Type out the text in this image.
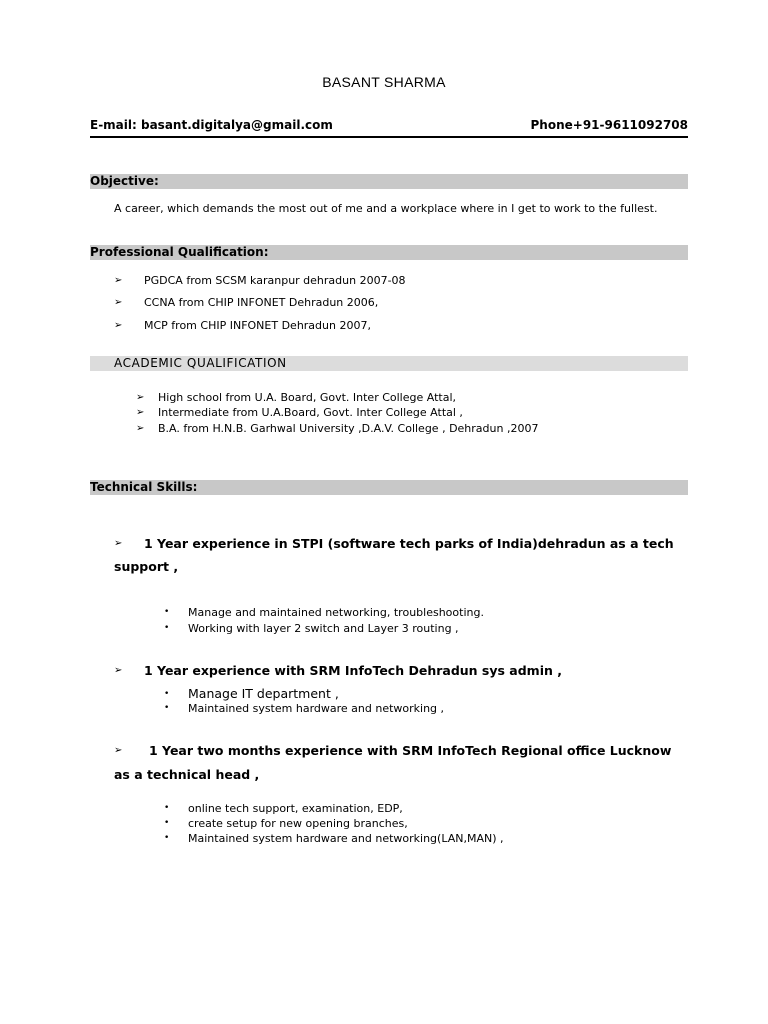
BASANT SHARMA
E-mail: basant.digitalya@gmail.com	Phone+91-9611092708
Objective:
A career, which demands the most out of me and a workplace where in I get to work to the fullest.
Professional Qualification:
➢ PGDCA from SCSM karanpur dehradun 2007-08
➢ CCNA from CHIP INFONET Dehradun 2006,
➢ MCP from CHIP INFONET Dehradun 2007,
ACADEMIC QUALIFICATION
➢ High school from U.A. Board, Govt. Inter College Attal,
➢ Intermediate from U.A.Board, Govt. Inter College Attal ,
➢ B.A. from H.N.B. Garhwal University ,D.A.V. College , Dehradun ,2007
Technical Skills:
➢ 1 Year experience in STPI (software tech parks of India)dehradun as a tech
support ,
• Manage and maintained networking, troubleshooting.
• Working with layer 2 switch and Layer 3 routing ,
➢ 1 Year experience with SRM InfoTech Dehradun sys admin ,
• Manage IT department ,
• Maintained system hardware and networking ,
➢ 1 Year two months experience with SRM InfoTech Regional office Lucknow
as a technical head ,
• online tech support, examination, EDP,
• create setup for new opening branches,
• Maintained system hardware and networking(LAN,MAN) ,
